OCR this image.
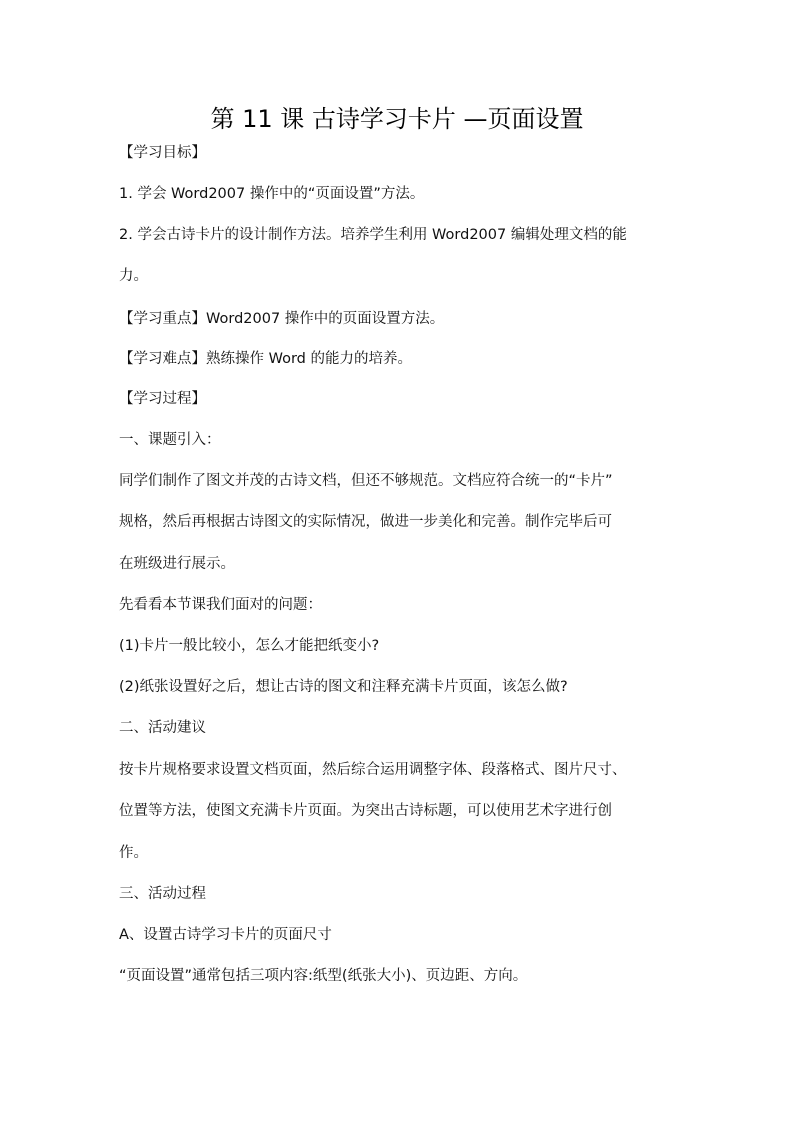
第 11 课 古诗学习卡片 —页面设置
【学习目标】
1. 学会 Word2007 操作中的“页面设置”方法。
2. 学会古诗卡片的设计制作方法。培养学生利用 Word2007 编辑处理文档的能
力。
【学习重点】Word2007 操作中的页面设置方法。
【学习难点】熟练操作 Word 的能力的培养。
【学习过程】
一、课题引入：
同学们制作了图文并茂的古诗文档，但还不够规范。文档应符合统一的“卡片”
规格，然后再根据古诗图文的实际情况，做进一步美化和完善。制作完毕后可
在班级进行展示。
先看看本节课我们面对的问题：
(1)卡片一般比较小，怎么才能把纸变小?
(2)纸张设置好之后，想让古诗的图文和注释充满卡片页面，该怎么做?
二、活动建议
按卡片规格要求设置文档页面，然后综合运用调整字体、段落格式、图片尺寸、
位置等方法，使图文充满卡片页面。为突出古诗标题，可以使用艺术字进行创
作。
三、活动过程
A、设置古诗学习卡片的页面尺寸
“页面设置”通常包括三项内容:纸型(纸张大小)、页边距、方向。
